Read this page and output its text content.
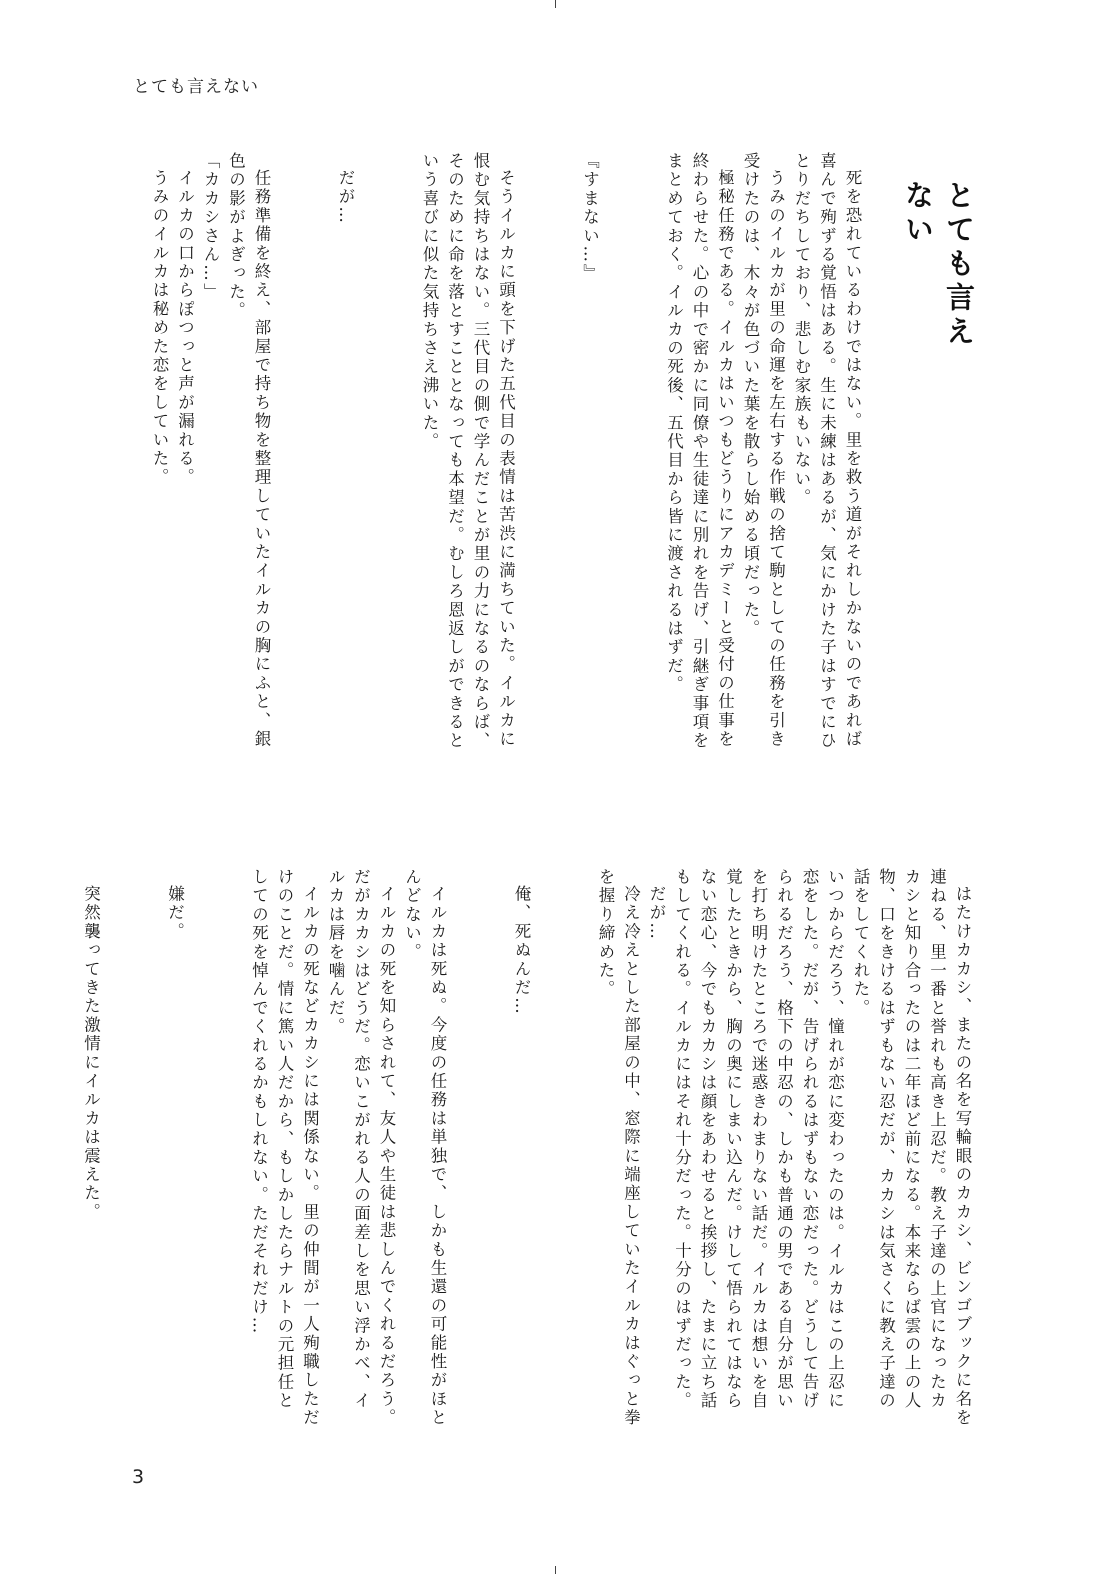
とても言えない
とても言えない

死を恐れているわけではない。里を救う道がそれしかないのであれば喜んで殉ずる覚悟はある。生に未練はあるが、気にかけた子はすでにひとりだちしており、悲しむ家族もいない。

うみのイルカが里の命運を左右する作戦の捨て駒としての任務を引き受けたのは、木々が色づいた葉を散らし始める頃だった。

極秘任務である。イルカはいつもどうりにアカデミーと受付の仕事を終わらせた。心の中で密かに同僚や生徒達に別れを告げ、引継ぎ事項をまとめておく。イルカの死後、五代目から皆に渡されるはずだ。

『すまない…』

そうイルカに頭を下げた五代目の表情は苦渋に満ちていた。イルカに恨む気持ちはない。三代目の側で学んだことが里の力になるのならば、そのために命を落とすこととなっても本望だ。むしろ恩返しができるという喜びに似た気持ちさえ沸いた。

だが…

任務準備を終え、部屋で持ち物を整理していたイルカの胸にふと、銀色の影がよぎった。

「カカシさん…」

イルカの口からぽつっと声が漏れる。

うみのイルカは秘めた恋をしていた。

はたけカカシ、またの名を写輪眼のカカシ、ビンゴブックに名を連ねる、里一番と誉れも高き上忍だ。教え子達の上官になったカカシと知り合ったのは二年ほど前になる。本来ならば雲の上の人物、口をきけるはずもない忍だが、カカシは気さくに教え子達の話をしてくれた。

いつからだろう、憧れが恋に変わったのは。イルカはこの上忍に恋をした。だが、告げられるはずもない恋だった。どうして告げられるだろう、格下の中忍の、しかも普通の男である自分が思いを打ち明けたところで迷惑きわまりない話だ。イルカは想いを自覚したときから、胸の奥にしまい込んだ。けして悟られてはならない恋心、今でもカカシは顔をあわせると挨拶し、たまに立ち話もしてくれる。イルカにはそれ十分だった。十分のはずだった。

だが…

冷え冷えとした部屋の中、窓際に端座していたイルカはぐっと拳を握り締めた。

俺、死ぬんだ…

イルカは死ぬ。今度の任務は単独で、しかも生還の可能性がほとんどない。

イルカの死を知らされて、友人や生徒は悲しんでくれるだろう。だがカカシはどうだ。恋いこがれる人の面差しを思い浮かべ、イルカは唇を噛んだ。

イルカの死などカカシには関係ない。里の仲間が一人殉職しただけのことだ。情に篤い人だから、もしかしたらナルトの元担任としての死を悼んでくれるかもしれない。ただそれだけ…

嫌だ。

突然襲ってきた激情にイルカは震えた。

3
